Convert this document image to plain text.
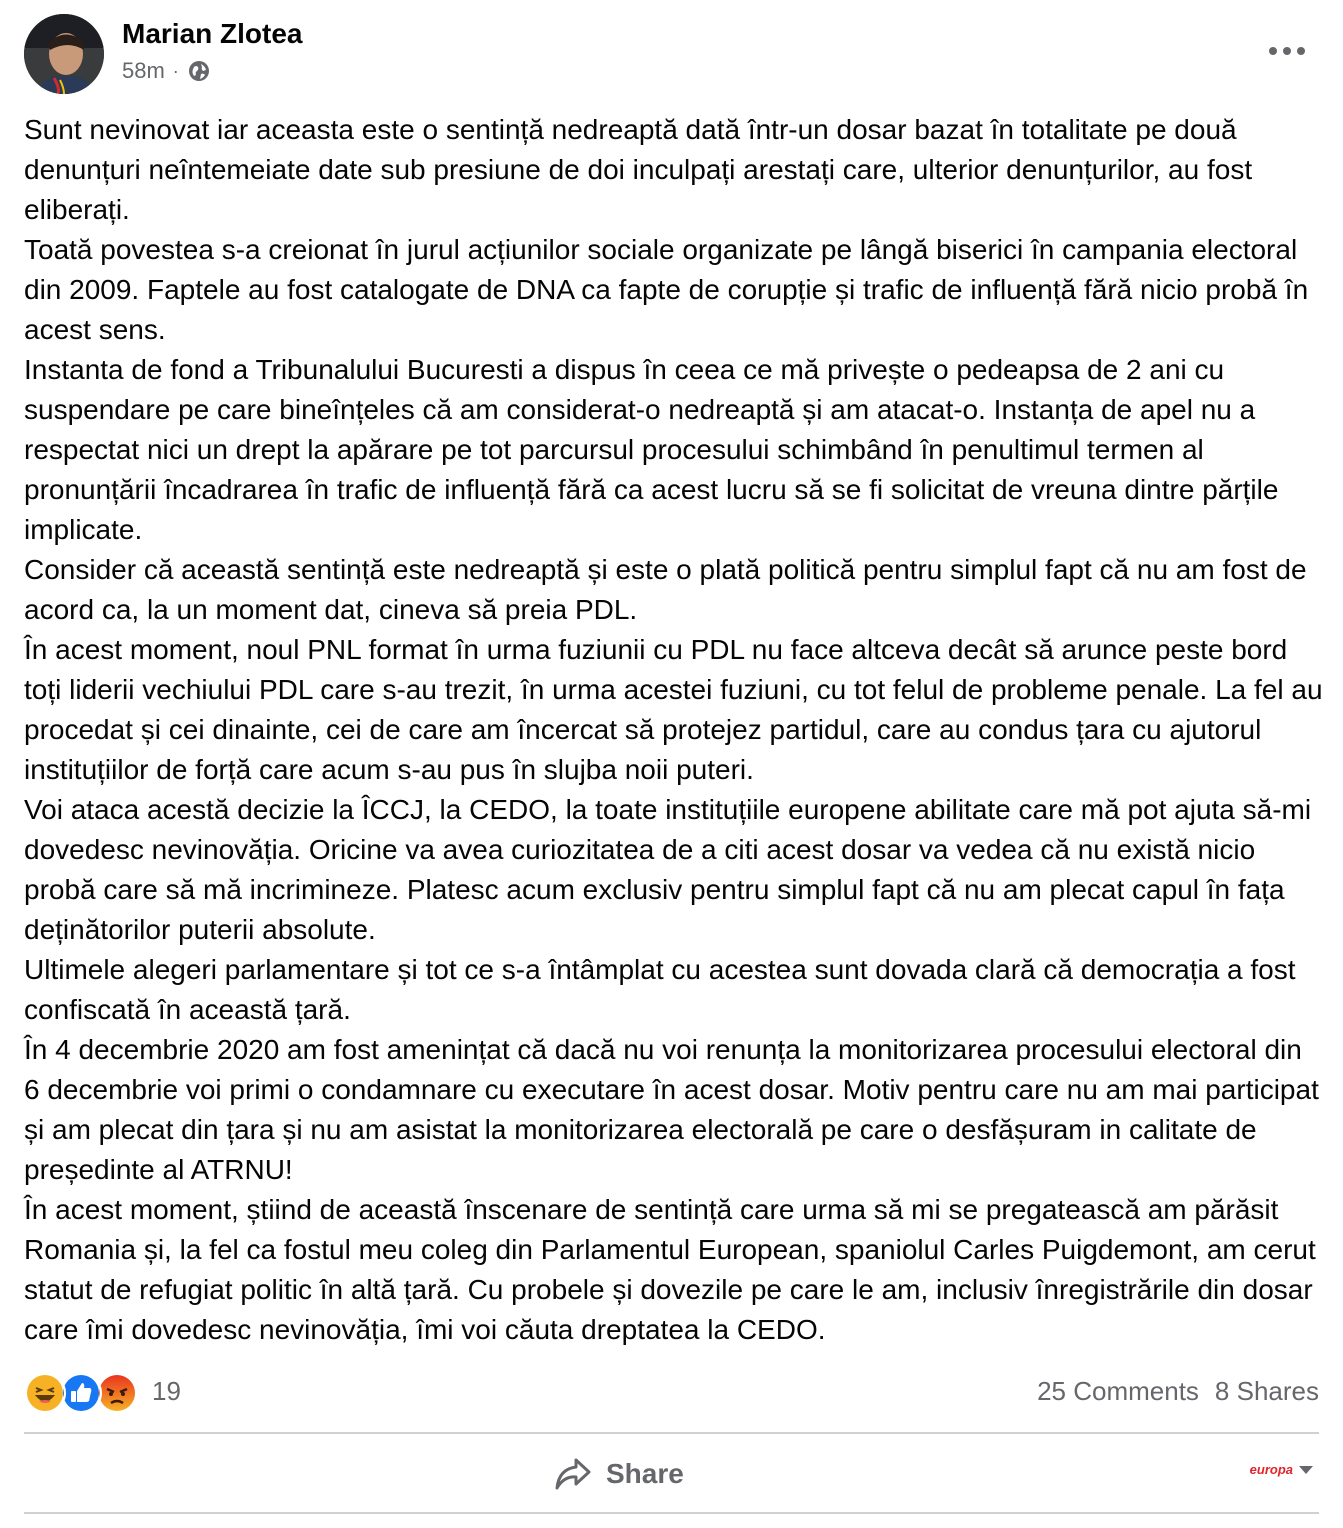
Marian Zlotea
58m ·

Sunt nevinovat iar aceasta este o sentință nedreaptă dată într-un dosar bazat în totalitate pe două denunțuri neîntemeiate date sub presiune de doi inculpați arestați care, ulterior denunțurilor, au fost eliberați.

Toată povestea s-a creionat în jurul acțiunilor sociale organizate pe lângă biserici în campania electoral din 2009. Faptele au fost catalogate de DNA ca fapte de corupție și trafic de influență fără nicio probă în acest sens.

Instanta de fond a Tribunalului Bucuresti a dispus în ceea ce mă privește o pedeapsa de 2 ani cu suspendare pe care bineînțeles că am considerat-o nedreaptă și am atacat-o. Instanța de apel nu a respectat nici un drept la apărare pe tot parcursul procesului schimbând în penultimul termen al pronunțării încadrarea în trafic de influență fără ca acest lucru să se fi solicitat de vreuna dintre părțile implicate.

Consider că această sentință este nedreaptă și este o plată politică pentru simplul fapt că nu am fost de acord ca, la un moment dat, cineva să preia PDL.

În acest moment, noul PNL format în urma fuziunii cu PDL nu face altceva decât să arunce peste bord toți liderii vechiului PDL care s-au trezit, în urma acestei fuziuni, cu tot felul de probleme penale. La fel au procedat și cei dinainte, cei de care am încercat să protejez partidul, care au condus țara cu ajutorul instituțiilor de forță care acum s-au pus în slujba noii puteri.

Voi ataca acestă decizie la ÎCCJ, la CEDO, la toate instituțiile europene abilitate care mă pot ajuta să-mi dovedesc nevinovăția. Oricine va avea curiozitatea de a citi acest dosar va vedea că nu există nicio probă care să mă incrimineze. Platesc acum exclusiv pentru simplul fapt că nu am plecat capul în fața deținătorilor puterii absolute.

Ultimele alegeri parlamentare și tot ce s-a întâmplat cu acestea sunt dovada clară că democrația a fost confiscată în această țară.

În 4 decembrie 2020 am fost amenințat că dacă nu voi renunța la monitorizarea procesului electoral din 6 decembrie voi primi o condamnare cu executare în acest dosar. Motiv pentru care nu am mai participat și am plecat din țara și nu am asistat la monitorizarea electorală pe care o desfășuram in calitate de președinte al ATRNU!

În acest moment, știind de această înscenare de sentință care urma să mi se pregatească am părăsit Romania și, la fel ca fostul meu coleg din Parlamentul European, spaniolul Carles Puigdemont, am cerut statut de refugiat politic în altă țară. Cu probele și dovezile pe care le am, inclusiv înregistrările din dosar care îmi dovedesc nevinovăția, îmi voi căuta dreptatea la CEDO.

19	25 Comments 8 Shares
Share	europa
